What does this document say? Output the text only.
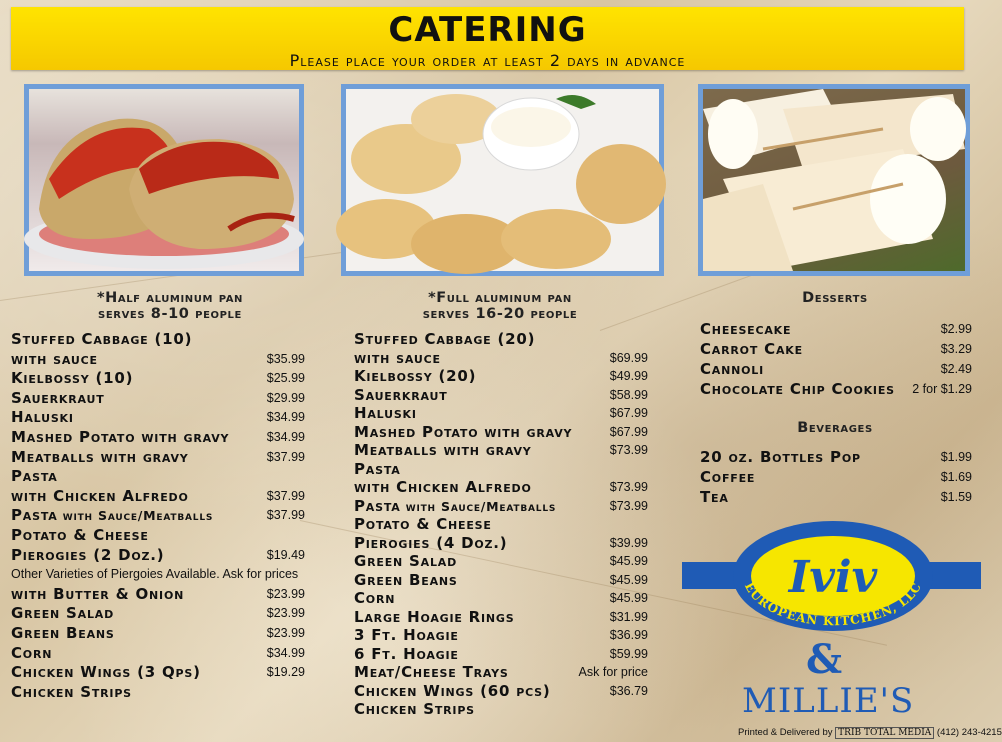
CATERING
Please place your order at least 2 days in advance
*Half aluminum pan
serves 8-10 people
Stuffed Cabbage (10)
with sauce	$35.99
Kielbossy (10)	$25.99
Sauerkraut	$29.99
Haluski	$34.99
Mashed Potato with gravy	$34.99
Meatballs with gravy	$37.99
Pasta
with Chicken Alfredo	$37.99
Pasta with Sauce/Meatballs	$37.99
Potato & Cheese
Pierogies (2 Doz.)	$19.49
Other Varieties of Piergoies Available. Ask for prices
with Butter & Onion	$23.99
Green Salad	$23.99
Green Beans	$23.99
Corn	$34.99
Chicken Wings (3 Qps)	$19.29
Chicken Strips
*Full aluminum pan
serves 16-20 people
Stuffed Cabbage (20)
with sauce	$69.99
Kielbossy (20)	$49.99
Sauerkraut	$58.99
Haluski	$67.99
Mashed Potato with gravy	$67.99
Meatballs with gravy	$73.99
Pasta
with Chicken Alfredo	$73.99
Pasta with Sauce/Meatballs	$73.99
Potato & Cheese
Pierogies (4 Doz.)	$39.99
Green Salad	$45.99
Green Beans	$45.99
Corn	$45.99
Large Hoagie Rings	$31.99
3 Ft. Hoagie	$36.99
6 Ft. Hoagie	$59.99
Meat/Cheese Trays	Ask for price
Chicken Wings (60 pcs)	$36.79
Chicken Strips
Desserts
Cheesecake	$2.99
Carrot Cake	$3.29
Cannoli	$2.49
Chocolate Chip Cookies 2 for $1.29
Beverages
20 oz. Bottles Pop	$1.99
Coffee	$1.69
Tea	$1.59
Iviv
EUROPEAN KITCHEN, LLC
&
MILLIE'S
Printed & Delivered by TRIB TOTAL MEDIA (412) 243-4215
